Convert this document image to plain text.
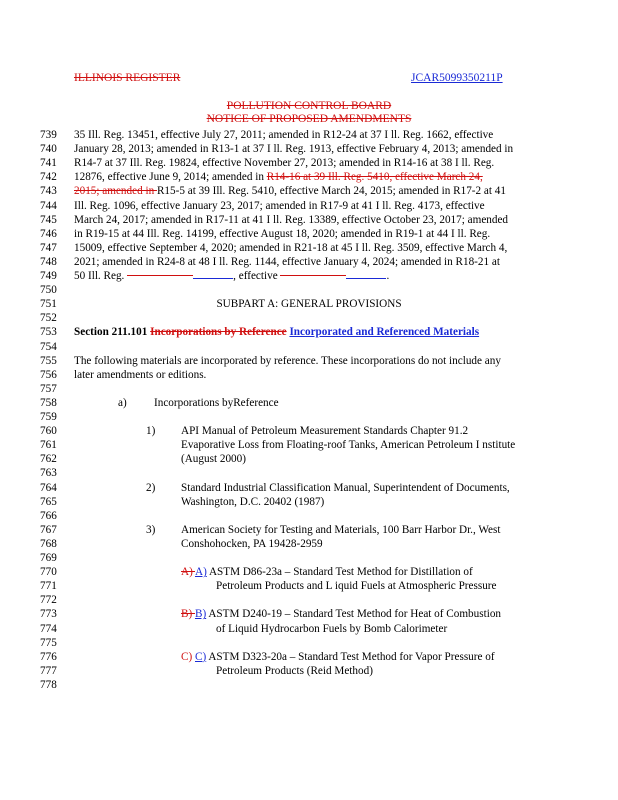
ILLINOIS REGISTER	JCAR5099350211P
POLLUTION CONTROL BOARD
NOTICE OF PROPOSED AMENDMENTS
739	35 Ill. Reg. 13451, effective July 27, 2011; amended in R12-24 at 37 I ll. Reg. 1662, effective
740	January 28, 2013; amended in R13-1 at 37 I ll. Reg. 1913, effective February 4, 2013; amended in
741	R14-7 at 37 Ill. Reg. 19824, effective November 27, 2013; amended in R14-16 at 38 I ll. Reg.
742	12876, effective June 9, 2014; amended in R14-16 at 39 Ill. Reg. 5410, effective March 24,
743	2015; amended in R15-5 at 39 Ill. Reg. 5410, effective March 24, 2015; amended in R17-2 at 41
744	Ill. Reg. 1096, effective January 23, 2017; amended in R17-9 at 41 I ll. Reg. 4173, effective
745	March 24, 2017; amended in R17-11 at 41 I ll. Reg. 13389, effective October 23, 2017; amended
746	in R19-15 at 44 Ill. Reg. 14199, effective August 18, 2020; amended in R19-1 at 44 I ll. Reg.
747	15009, effective September 4, 2020; amended in R21-18 at 45 I ll. Reg. 3509, effective March 4,
748	2021; amended in R24-8 at 48 I ll. Reg. 1144, effective January 4, 2024; amended in R18-21 at
749	50 Ill. Reg.	, effective	.
750
751	SUBPART A: GENERAL PROVISIONS
752
753	Section 211.101 Incorporations by Reference Incorporated and Referenced Materials
754
755	The following materials are incorporated by reference. These incorporations do not include any
756	later amendments or editions.
757
758	a) Incorporations byReference
759
760	1) API Manual of Petroleum Measurement Standards Chapter 91.2
761	Evaporative Loss from Floating-roof Tanks, American Petroleum I nstitute
762	(August 2000)
763
764	2) Standard Industrial Classification Manual, Superintendent of Documents,
765	Washington, D.C. 20402 (1987)
766
767	3) American Society for Testing and Materials, 100 Barr Harbor Dr., West
768	Conshohocken, PA 19428-2959
769
770	A) A) ASTM D86-23a – Standard Test Method for Distillation of
771	Petroleum Products and L iquid Fuels at Atmospheric Pressure
772
773	B) B) ASTM D240-19 – Standard Test Method for Heat of Combustion
774	of Liquid Hydrocarbon Fuels by Bomb Calorimeter
775
776	C) C) ASTM D323-20a – Standard Test Method for Vapor Pressure of
777	Petroleum Products (Reid Method)
778
